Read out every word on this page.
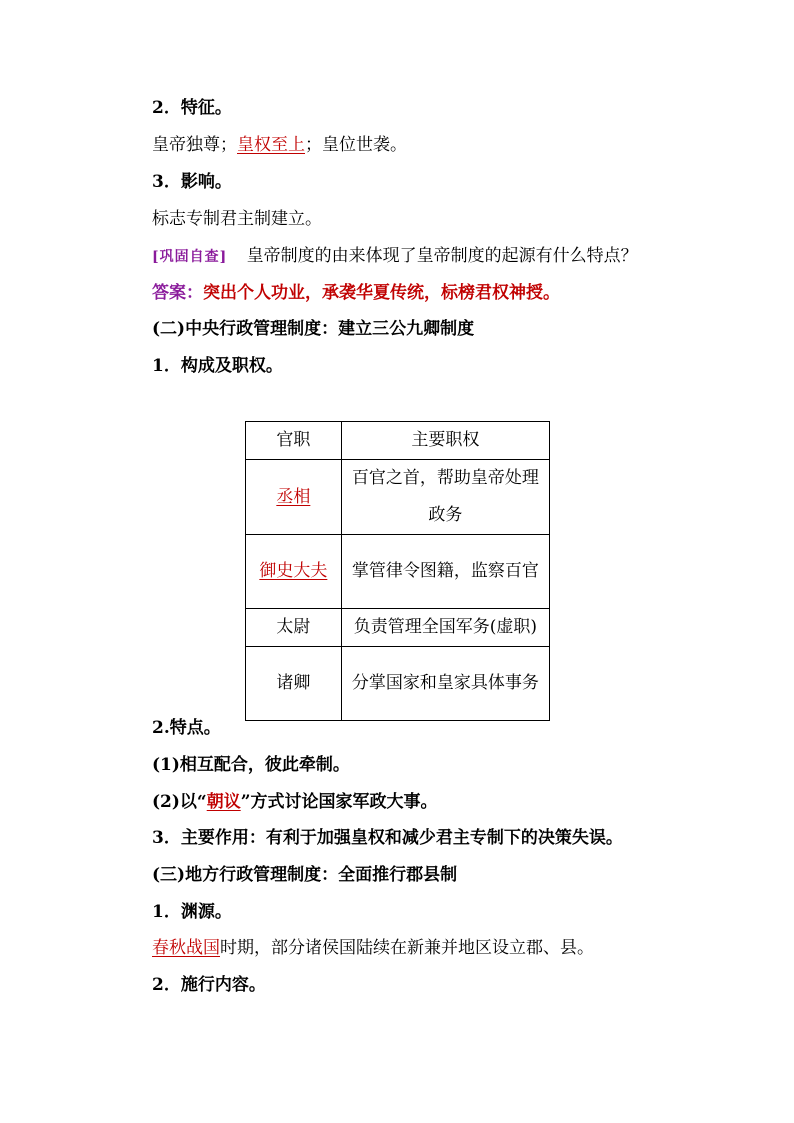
2．特征。
皇帝独尊；皇权至上；皇位世袭。
3．影响。
标志专制君主制建立。
[巩固自查] 皇帝制度的由来体现了皇帝制度的起源有什么特点？
答案：突出个人功业，承袭华夏传统，标榜君权神授。
(二)中央行政管理制度：建立三公九卿制度
1．构成及职权。
官职	主要职权
丞相	百官之首，帮助皇帝处理政务
御史大夫	掌管律令图籍，监察百官
太尉	负责管理全国军务(虚职)
诸卿	分掌国家和皇家具体事务
2.特点。
(1)相互配合，彼此牵制。
(2)以“朝议”方式讨论国家军政大事。
3．主要作用：有利于加强皇权和减少君主专制下的决策失误。
(三)地方行政管理制度：全面推行郡县制
1．渊源。
春秋战国时期，部分诸侯国陆续在新兼并地区设立郡、县。
2．施行内容。
